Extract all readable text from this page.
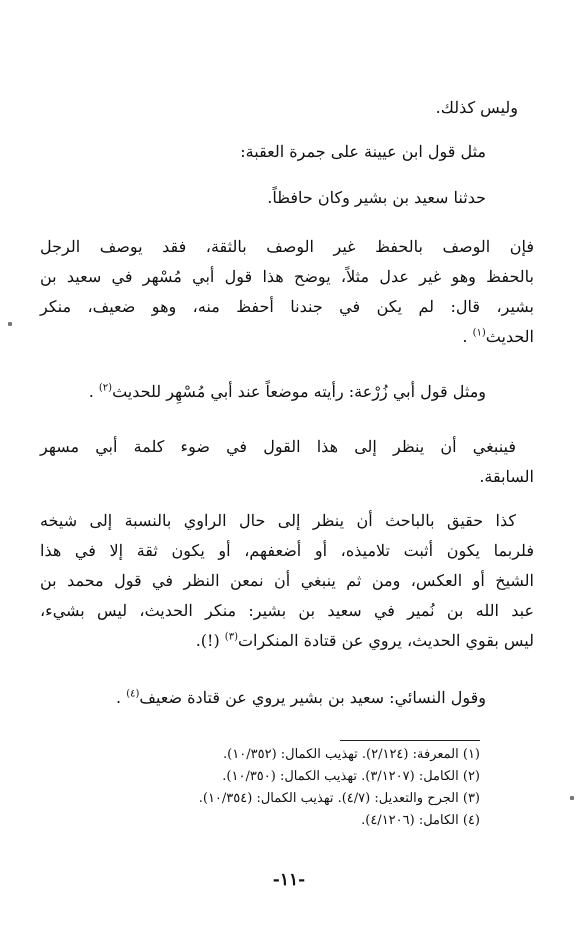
وليس كذلك.
مثل قول ابن عيينة على جمرة العقبة:
حدثنا سعيد بن بشير وكان حافظاً.
فإن الوصف بالحفظ غير الوصف بالثقة، فقد يوصف الرجل
بالحفظ وهو غير عدل مثلاً، يوضح هذا قول أبي مُسْهر في سعيد بن
بشير، قال: لم يكن في جندنا أحفظ منه، وهو ضعيف، منكر
الحديث$^{(١)}$ .
ومثل قول أبي زُرْعة: رأيته موضعاً عند أبي مُسْهِر للحديث$^{(٢)}$ .
فينبغي أن ينظر إلى هذا القول في ضوء كلمة أبي مسهر
السابقة.
كذا حقيق بالباحث أن ينظر إلى حال الراوي بالنسبة إلى شيخه
فلربما يكون أثبت تلاميذه، أو أضعفهم، أو يكون ثقة إلا في هذا
الشيخ أو العكس، ومن ثم ينبغي أن نمعن النظر في قول محمد بن
عبد الله بن نُمير في سعيد بن بشير: منكر الحديث، ليس بشيء،
ليس بقوي الحديث، يروي عن قتادة المنكرات$^{(٣)}$ (!).
وقول النسائي: سعيد بن بشير يروي عن قتادة ضعيف$^{(٤)}$ .
(١) المعرفة: (٢/١٢٤). تهذيب الكمال: (١٠/٣٥٢).
(٢) الكامل: (٣/١٢٠٧). تهذيب الكمال: (١٠/٣٥٠).
(٣) الجرح والتعديل: (٤/٧). تهذيب الكمال: (١٠/٣٥٤).
(٤) الكامل: (٤/١٢٠٦).
-١١-
